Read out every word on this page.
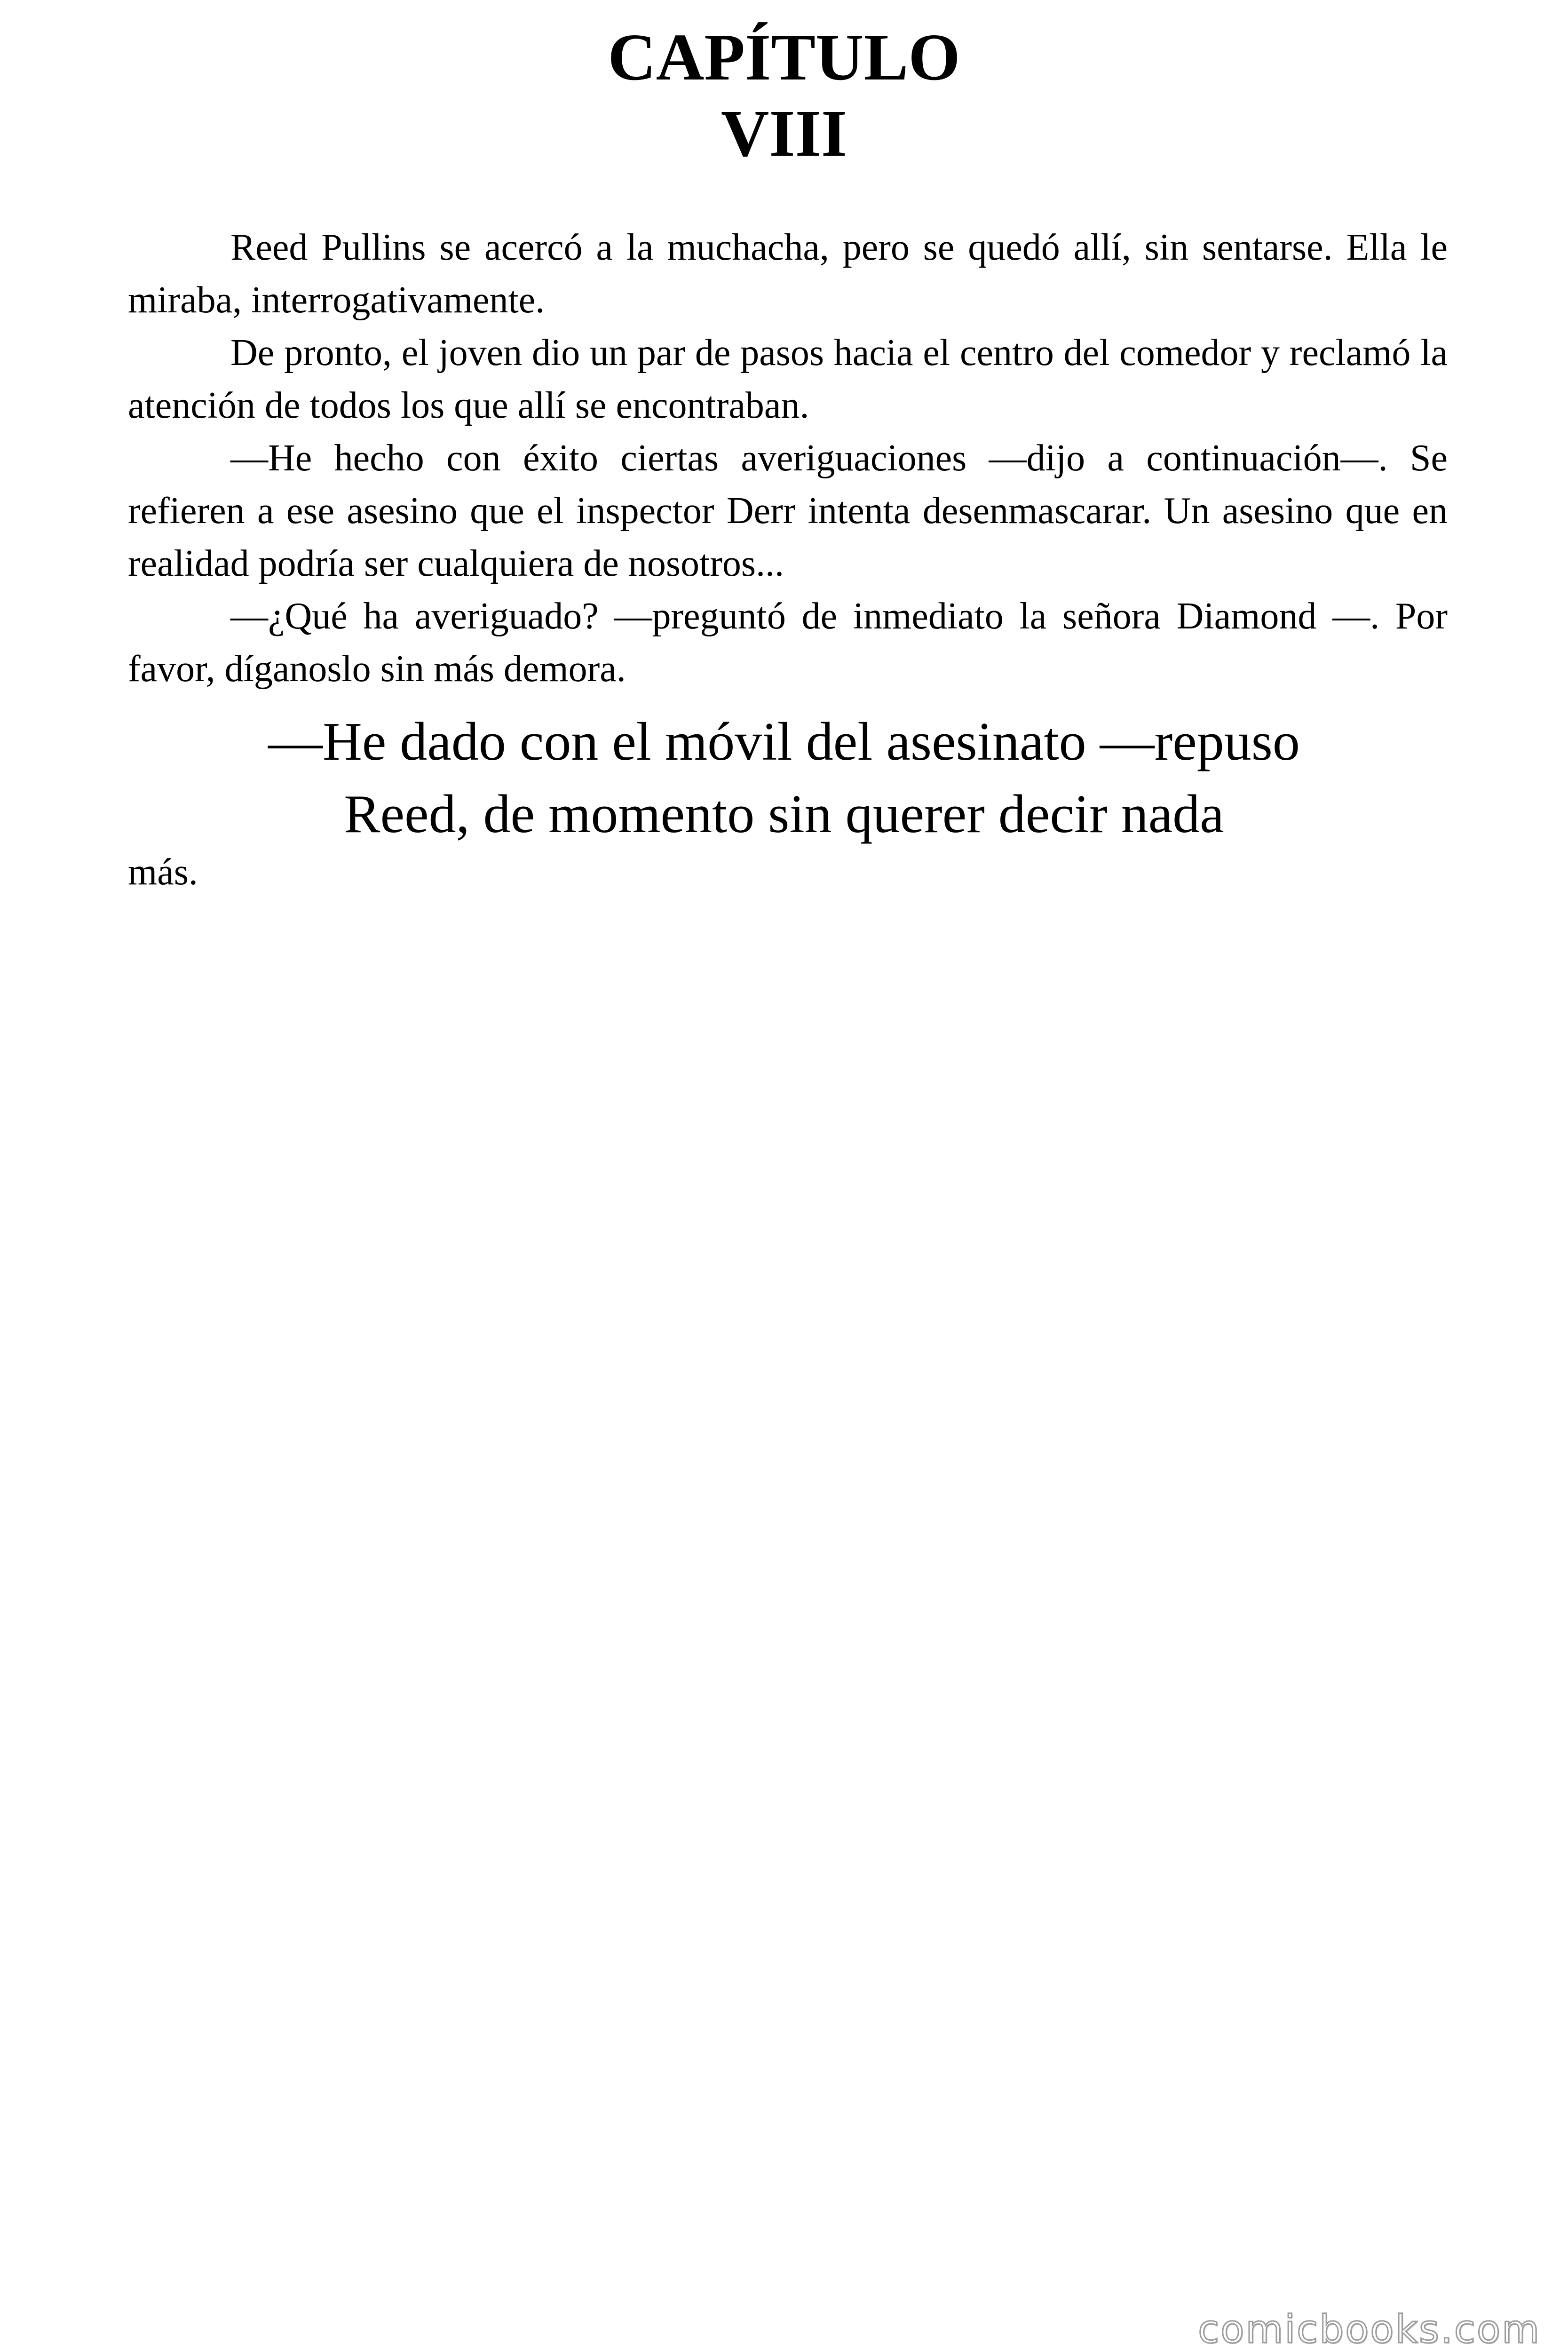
CAPÍTULO
VIII

Reed Pullins se acercó a la muchacha, pero se quedó allí, sin sentarse. Ella le miraba, interrogativamente.

De pronto, el joven dio un par de pasos hacia el centro del comedor y reclamó la atención de todos los que allí se encontraban.

—He hecho con éxito ciertas averiguaciones —dijo a continuación—. Se refieren a ese asesino que el inspector Derr intenta desenmascarar. Un asesino que en realidad podría ser cualquiera de nosotros...

—¿Qué ha averiguado? —preguntó de inmediato la señora Diamond —. Por favor, díganoslo sin más demora.

—He dado con el móvil del asesinato —repuso
Reed, de momento sin querer decir nada
más.
comicbooks.com
